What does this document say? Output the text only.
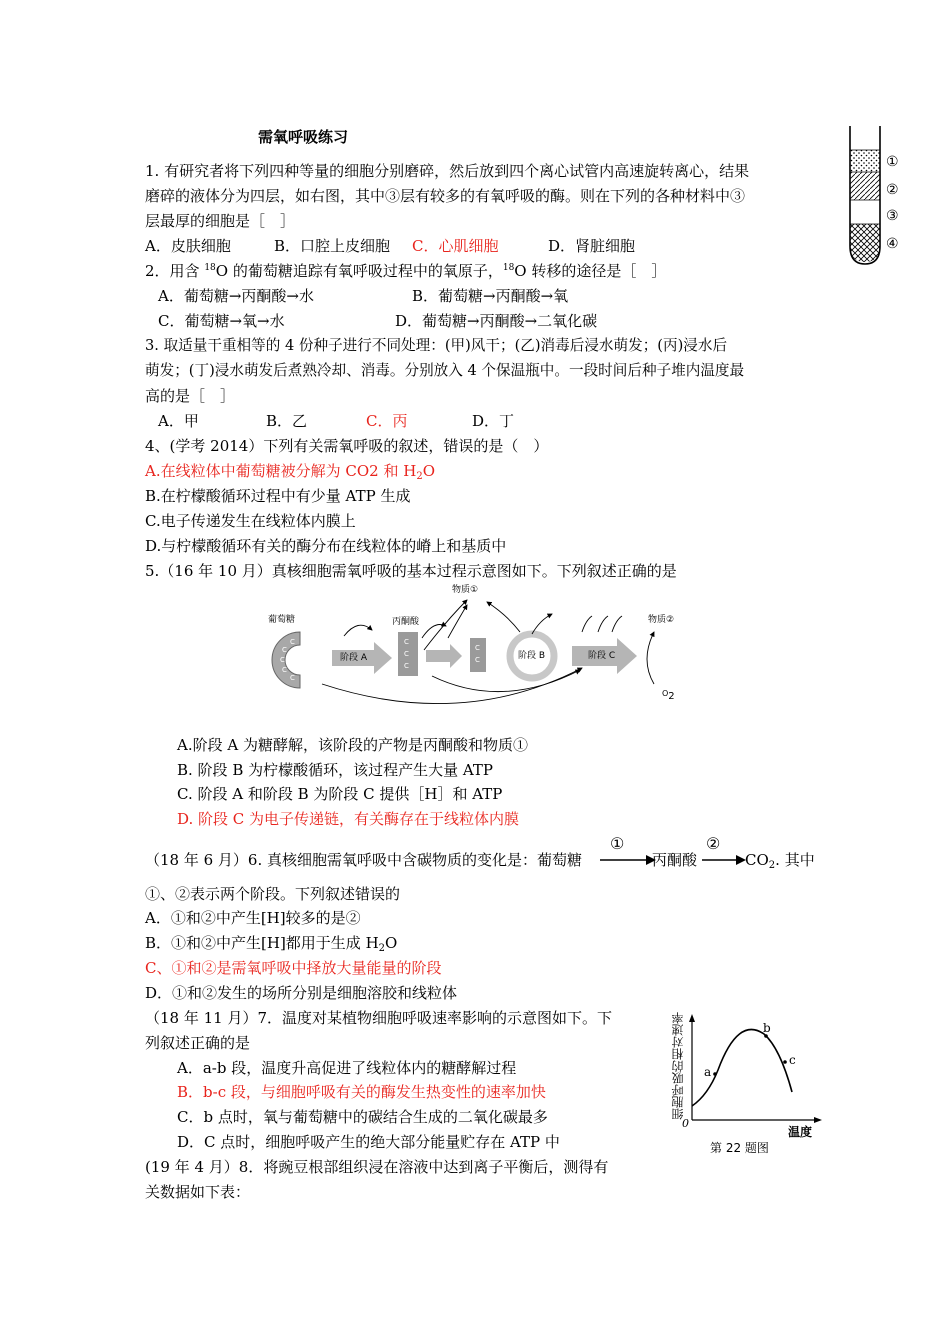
需氧呼吸练习
1. 有研究者将下列四种等量的细胞分别磨碎，然后放到四个离心试管内高速旋转离心，结果
磨碎的液体分为四层，如右图，其中③层有较多的有氧呼吸的酶。则在下列的各种材料中③
层最厚的细胞是［　］
A．皮肤细胞	B．口腔上皮细胞 C．心肌细胞	D．肾脏细胞
①
②
③
④
2．用含 $^{18}$O 的葡萄糖追踪有氧呼吸过程中的氧原子，$^{18}$O 转移的途径是［　］
A．葡萄糖→丙酮酸→水	B．葡萄糖→丙酮酸→氧
C．葡萄糖→氧→水	D．葡萄糖→丙酮酸→二氧化碳
3. 取适量干重相等的 4 份种子进行不同处理：(甲)风干；(乙)消毒后浸水萌发；(丙)浸水后
萌发；(丁)浸水萌发后煮熟冷却、消毒。分别放入 4 个保温瓶中。一段时间后种子堆内温度最
高的是［　］
A．甲	B．乙	C．丙	D．丁
4、(学考 2014）下列有关需氧呼吸的叙述，错误的是（　）
A.在线粒体中葡萄糖被分解为 CO2 和 $H_2O$
B.在柠檬酸循环过程中有少量 ATP 生成
C.电子传递发生在线粒体内膜上
D.与柠檬酸循环有关的酶分布在线粒体的嵴上和基质中
5.（16 年 10 月）真核细胞需氧呼吸的基本过程示意图如下。下列叙述正确的是
C
C
C
C
C
C
C
C
C
C
葡萄糖	丙酮酸
物质①
物质②
阶段 A	阶段 B	阶段 C
$O_2$
A.阶段 A 为糖酵解，该阶段的产物是丙酮酸和物质①
B. 阶段 B 为柠檬酸循环，该过程产生大量 ATP
C. 阶段 A 和阶段 B 为阶段 C 提供［H］和 ATP
D. 阶段 C 为电子传递链，有关酶存在于线粒体内膜
（18 年 6 月）6. 真核细胞需氧呼吸中含碳物质的变化是：葡萄糖
①
丙酮酸
②
$CO_2$. 其中
①、②表示两个阶段。下列叙述错误的
A．①和②中产生[H]较多的是②
B．①和②中产生[H]都用于生成 $H_2O$
C、①和②是需氧呼吸中择放大量能量的阶段
D．①和②发生的场所分别是细胞溶胶和线粒体
（18 年 11 月）7．温度对某植物细胞呼吸速率影响的示意图如下。下
列叙述正确的是
A．a-b 段，温度升高促进了线粒体内的糖酵解过程
B．b-c 段，与细胞呼吸有关的酶发生热变性的速率加快
C．b 点时，氧与葡萄糖中的碳结合生成的二氧化碳最多
D．C 点时，细胞呼吸产生的绝大部分能量贮存在 ATP 中
细胞呼吸的相对速率
温度
0
a
b
c
第 22 题图
(19 年 4 月）8．将豌豆根部组织浸在溶液中达到离子平衡后，测得有
关数据如下表：
